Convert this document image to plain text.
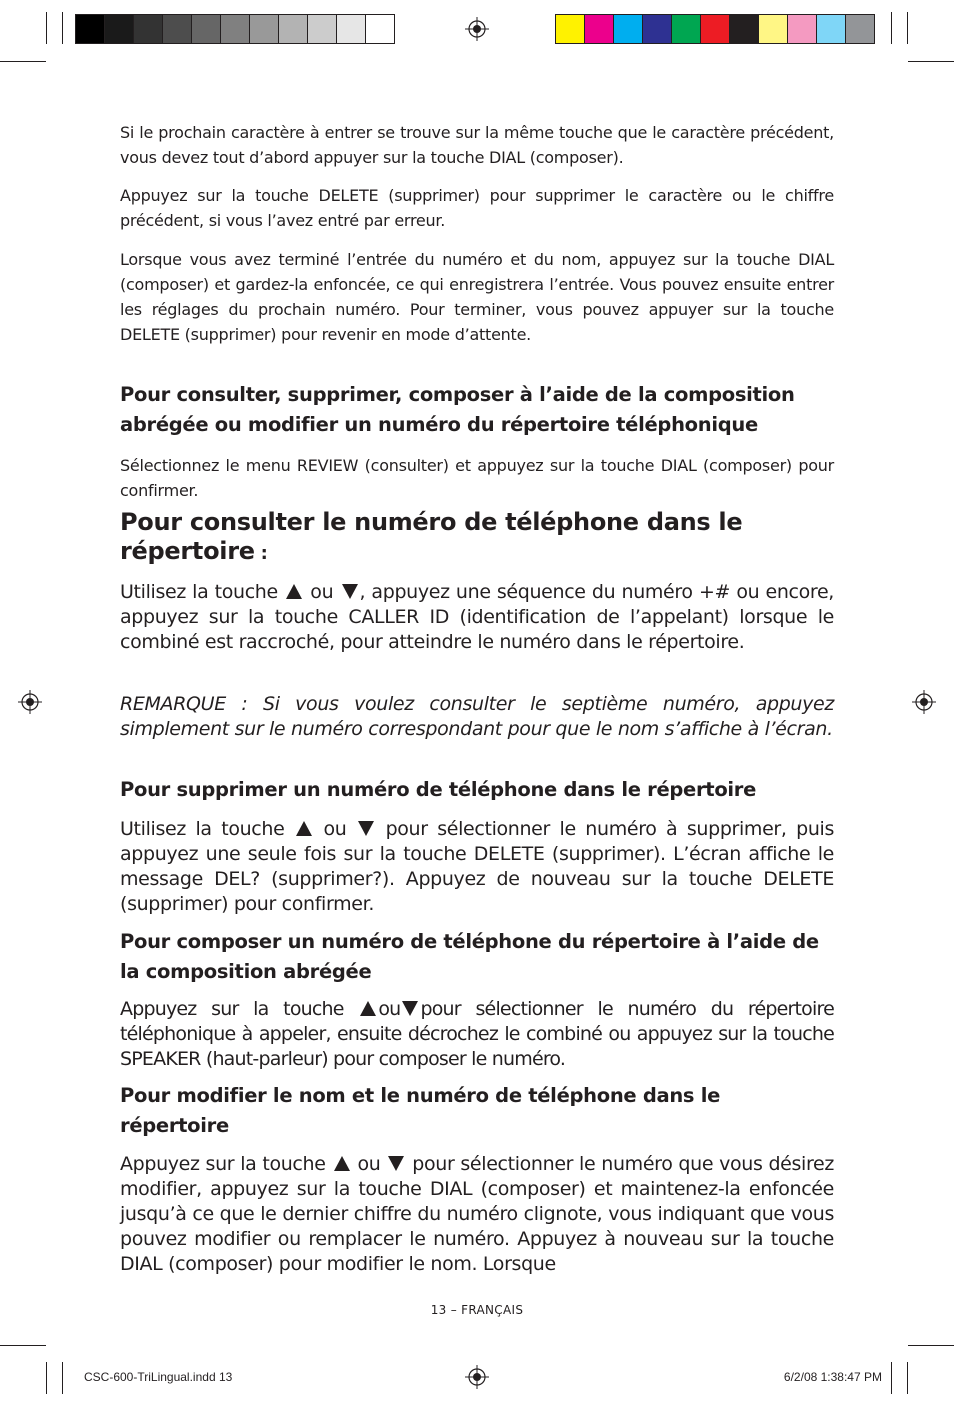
Si le prochain caractère à entrer se trouve sur la même touche que le caractère précédent, vous devez tout d’abord appuyer sur la touche DIAL (composer).

Appuyez sur la touche DELETE (supprimer) pour supprimer le caractère ou le chiffre précédent, si vous l’avez entré par erreur.

Lorsque vous avez terminé l’entrée du numéro et du nom, appuyez sur la touche DIAL (composer) et gardez-la enfoncée, ce qui enregistrera l’entrée. Vous pouvez ensuite entrer les réglages du prochain numéro. Pour terminer, vous pouvez appuyer sur la touche DELETE (supprimer) pour revenir en mode d’attente.

Pour consulter, supprimer, composer à l’aide de la composition abrégée ou modifier un numéro du répertoire téléphonique

Sélectionnez le menu REVIEW (consulter) et appuyez sur la touche DIAL (composer) pour confirmer.

Pour consulter le numéro de téléphone dans le répertoire :

Utilisez la touche  ou , appuyez une séquence du numéro +# ou encore, appuyez sur la touche CALLER ID (identification de l’appelant) lorsque le combiné est raccroché, pour atteindre le numéro dans le répertoire.

REMARQUE : Si vous voulez consulter le septième numéro, appuyez simplement sur le numéro correspondant pour que le nom s’affiche à l’écran.

Pour supprimer un numéro de téléphone dans le répertoire

Utilisez la touche  ou  pour sélectionner le numéro à supprimer, puis appuyez une seule fois sur la touche DELETE (supprimer). L’écran affiche le message DEL? (supprimer?). Appuyez de nouveau sur la touche DELETE (supprimer) pour confirmer.

Pour composer un numéro de téléphone du répertoire à l’aide de la composition abrégée

Appuyez sur la touche ou pour sélectionner le numéro du répertoire téléphonique à appeler, ensuite décrochez le combiné ou appuyez sur la touche SPEAKER (haut-parleur) pour composer le numéro.

Pour modifier le nom et le numéro de téléphone dans le répertoire

Appuyez sur la touche  ou  pour sélectionner le numéro que vous désirez modifier, appuyez sur la touche DIAL (composer) et maintenez-la enfoncée jusqu’à ce que le dernier chiffre du numéro clignote, vous indiquant que vous pouvez modifier ou remplacer le numéro. Appuyez à nouveau sur la touche DIAL (composer) pour modifier le nom. Lorsque

13 – FRANÇAIS
CSC-600-TriLingual.indd 13	6/2/08 1:38:47 PM
